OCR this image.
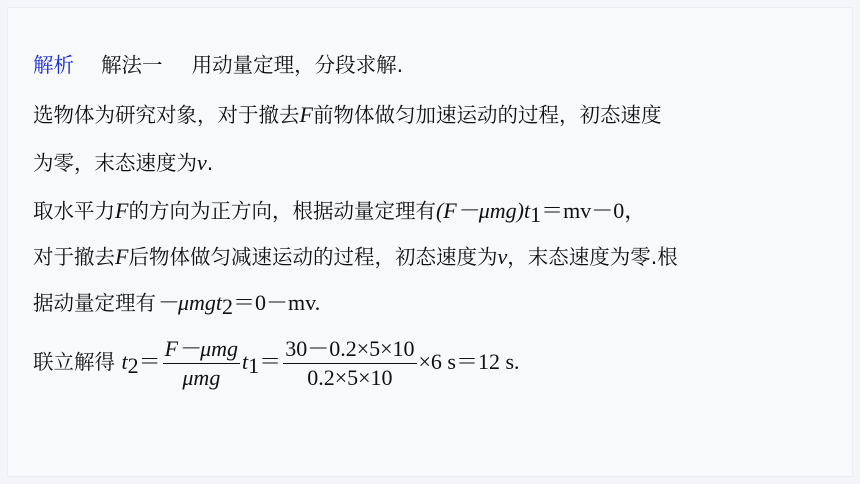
解析 解法一 用动量定理，分段求解.
选物体为研究对象，对于撤去F前物体做匀加速运动的过程，初态速度
为零，末态速度为v.
取水平力F的方向为正方向，根据动量定理有$(F-\mu mg)t_1=mv-0$，
对于撤去F后物体做匀减速运动的过程，初态速度为v，末态速度为零.根
据动量定理有－μmgt$_2$＝0－mv.
联立解得 $t_2= \frac{\text{F－μmg}}{\text{μmg}} t_1= \frac{30-0.2\times 5\times 10}{0.2\times 5\times 10} \times 6$ s＝12 s.
